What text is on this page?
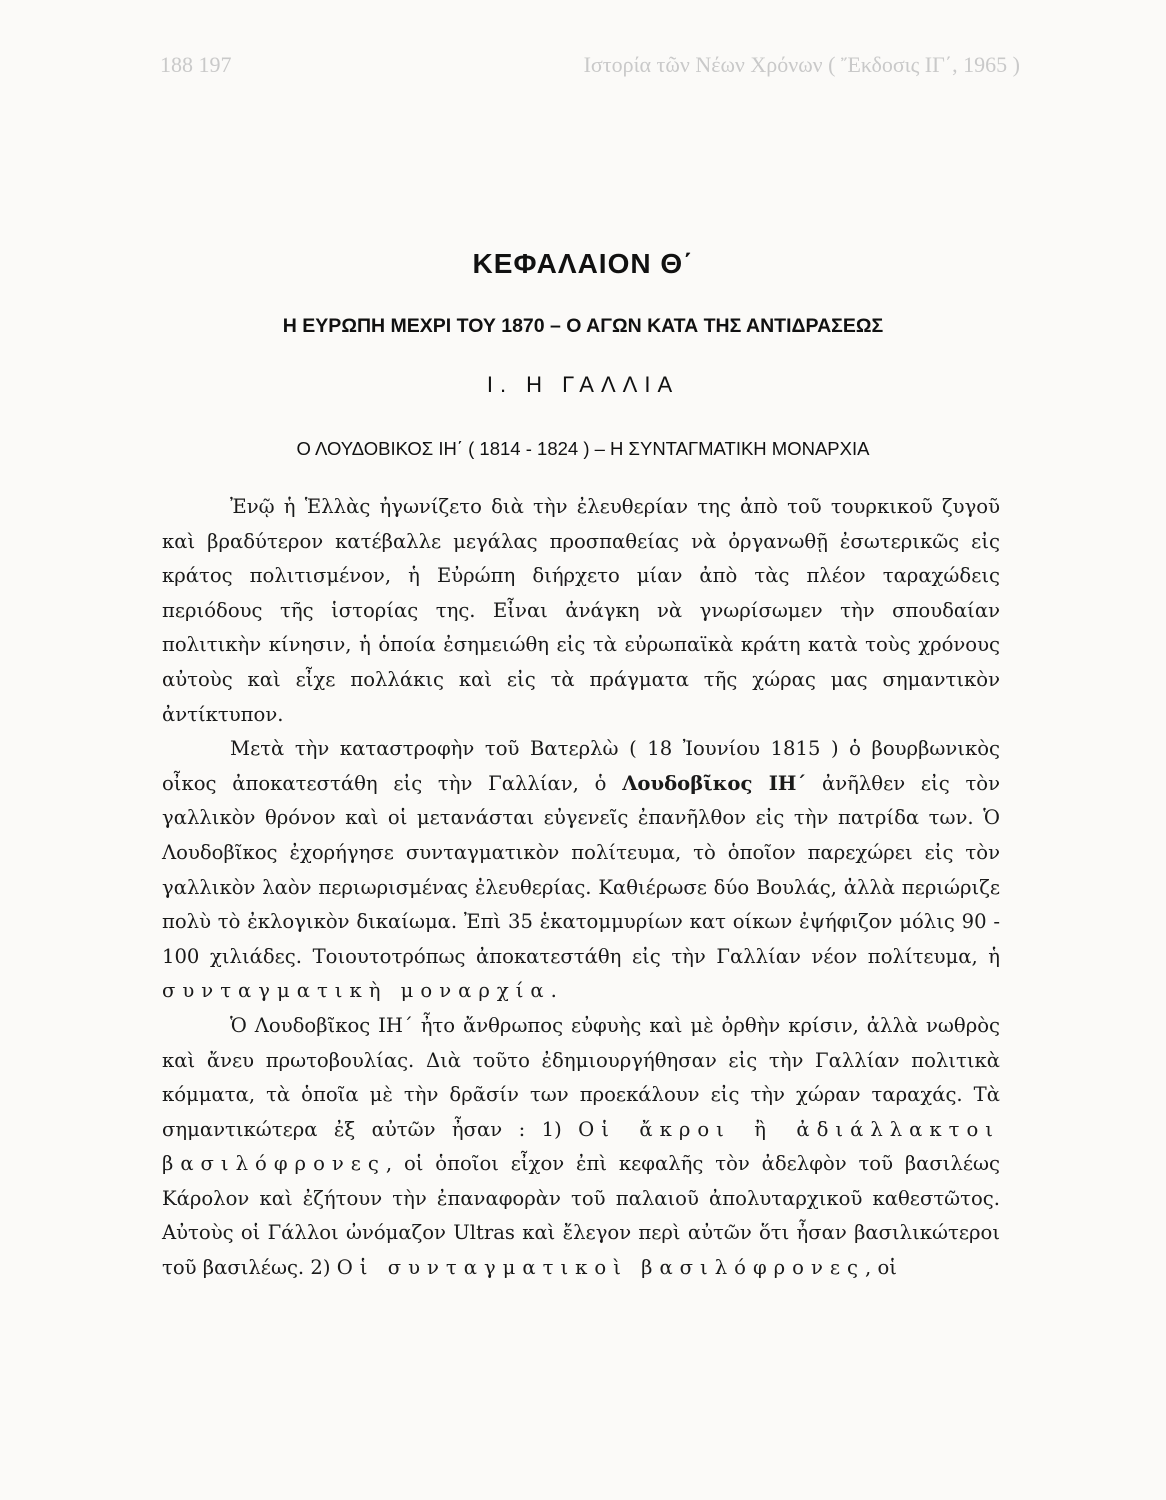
188 197	Ιστορία τῶν Νέων Χρόνων ( Ἔκδοσις ΙΓ΄, 1965 )
ΚΕΦΑΛΑΙΟΝ Θ΄
Η ΕΥΡΩΠΗ ΜΕΧΡΙ ΤΟΥ 1870 – Ο ΑΓΩΝ ΚΑΤΑ ΤΗΣ ΑΝΤΙΔΡΑΣΕΩΣ
Ι. Η ΓΑΛΛΙΑ
Ο ΛΟΥΔΟΒΙΚΟΣ ΙΗ΄ ( 1814 - 1824 ) – Η ΣΥΝΤΑΓΜΑΤΙΚΗ ΜΟΝΑΡΧΙΑ

Ἐνῷ ἡ Ἑλλὰς ἠγωνίζετο διὰ τὴν ἐλευθερίαν της ἀπὸ τοῦ τουρκικοῦ ζυγοῦ καὶ βραδύτερον κατέβαλλε μεγάλας προσπαθείας νὰ ὀργανωθῇ ἐσωτερικῶς εἰς κράτος πολιτισμένον, ἡ Εὐρώπη διήρχετο μίαν ἀπὸ τὰς πλέον ταραχώδεις περιόδους τῆς ἱστορίας της. Εἶναι ἀνάγκη νὰ γνωρίσωμεν τὴν σπουδαίαν πολιτικὴν κίνησιν, ἡ ὁποία ἐσημειώθη εἰς τὰ εὐρωπαϊκὰ κράτη κατὰ τοὺς χρόνους αὐτοὺς καὶ εἶχε πολλάκις καὶ εἰς τὰ πράγματα τῆς χώρας μας σημαντικὸν ἀντίκτυπον.

Μετὰ τὴν καταστροφὴν τοῦ Βατερλὼ ( 18 Ἰουνίου 1815 ) ὁ βουρβωνικὸς οἶκος ἀποκατεστάθη εἰς τὴν Γαλλίαν, ὁ Λουδοβῖκος ΙΗ΄ ἀνῆλθεν εἰς τὸν γαλλικὸν θρόνον καὶ οἱ μετανάσται εὐγενεῖς ἐπανῆλθον εἰς τὴν πατρίδα των. Ὁ Λουδοβῖκος ἐχορήγησε συνταγματικὸν πολίτευμα, τὸ ὁποῖον παρεχώρει εἰς τὸν γαλλικὸν λαὸν περιωρισμένας ἐλευθερίας. Καθιέρωσε δύο Βουλάς, ἀλλὰ περιώριζε πολὺ τὸ ἐκλογικὸν δικαίωμα. Ἐπὶ 35 ἑκατομμυρίων κατ οίκων ἐψήφιζον μόλις 90 - 100 χιλιάδες. Τοιουτοτρόπως ἀποκατεστάθη εἰς τὴν Γαλλίαν νέον πολίτευμα, ἡ συνταγματικὴ μοναρχία.

Ὁ Λουδοβῖκος ΙΗ΄ ἦτο ἄνθρωπος εὐφυὴς καὶ μὲ ὀρθὴν κρίσιν, ἀλλὰ νωθρὸς καὶ ἄνευ πρωτοβουλίας. Διὰ τοῦτο ἐδημιουργήθησαν εἰς τὴν Γαλλίαν πολιτικὰ κόμματα, τὰ ὁποῖα μὲ τὴν δρᾶσίν των προεκάλουν εἰς τὴν χώραν ταραχάς. Τὰ σημαντικώτερα ἐξ αὐτῶν ἦσαν : 1) Οἱ ἄκροι ἢ ἀδιάλλακτοι βασιλόφρονες, οἱ ὁποῖοι εἶχον ἐπὶ κεφαλῆς τὸν ἀδελφὸν τοῦ βασιλέως Κάρολον καὶ ἐζήτουν τὴν ἐπαναφορὰν τοῦ παλαιοῦ ἀπολυταρχικοῦ καθεστῶτος. Αὐτοὺς οἱ Γάλλοι ὠνόμαζον Ultras καὶ ἔλεγον περὶ αὐτῶν ὅτι ἦσαν βασιλικώτεροι τοῦ βασιλέως. 2) Οἱ συνταγματικοὶ βασιλόφρονες, οἱ
